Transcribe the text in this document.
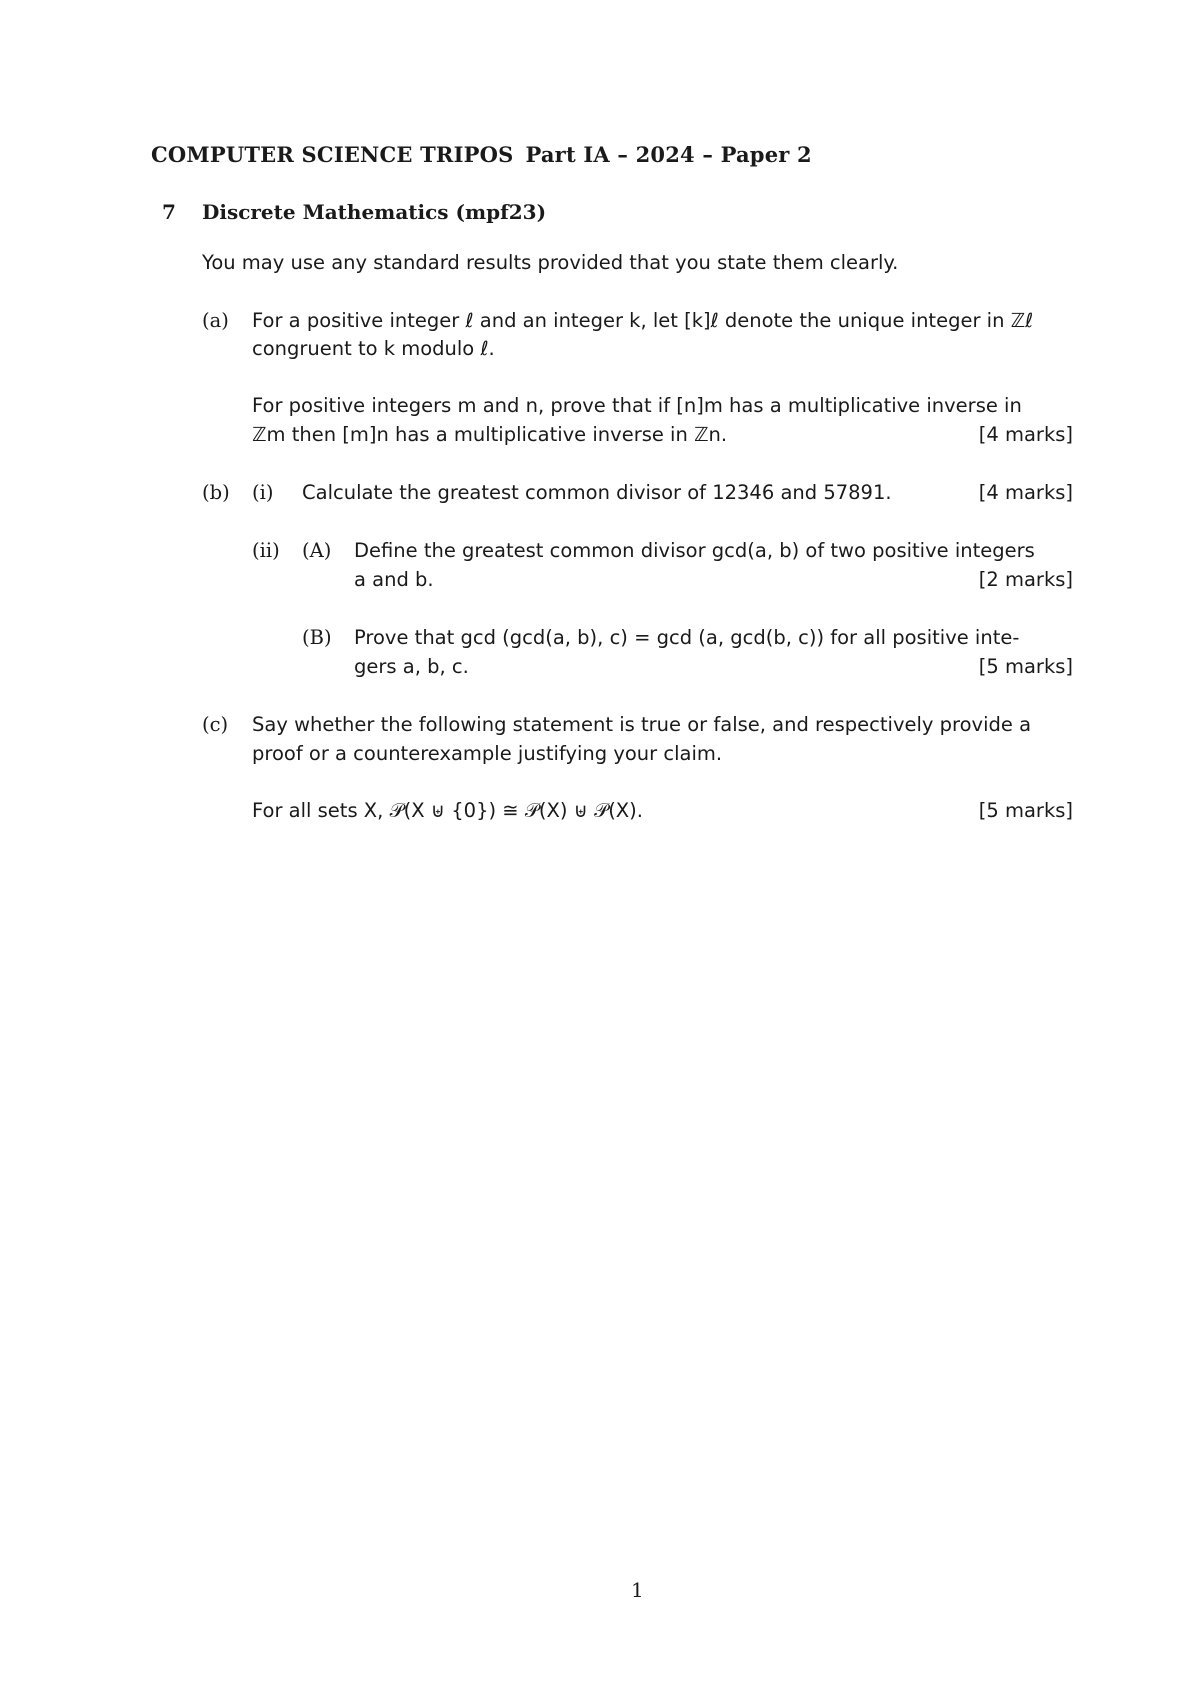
COMPUTER SCIENCE TRIPOS Part IA – 2024 – Paper 2
7 Discrete Mathematics (mpf23)
You may use any standard results provided that you state them clearly.
(a) For a positive integer ℓ and an integer k, let [k]ℓ denote the unique integer in ℤℓ
congruent to k modulo ℓ.
For positive integers m and n, prove that if [n]m has a multiplicative inverse in
ℤm then [m]n has a multiplicative inverse in ℤn.	[4 marks]
(b) (i) Calculate the greatest common divisor of 12346 and 57891.	[4 marks]
(ii) (A) Define the greatest common divisor gcd(a, b) of two positive integers
a and b.	[2 marks]
(B) Prove that gcd (gcd(a, b), c) = gcd (a, gcd(b, c)) for all positive inte-
gers a, b, c.	[5 marks]
(c) Say whether the following statement is true or false, and respectively provide a
proof or a counterexample justifying your claim.
For all sets X, 𝒫(X ⊎ {0}) ≅ 𝒫(X) ⊎ 𝒫(X).	[5 marks]
1
